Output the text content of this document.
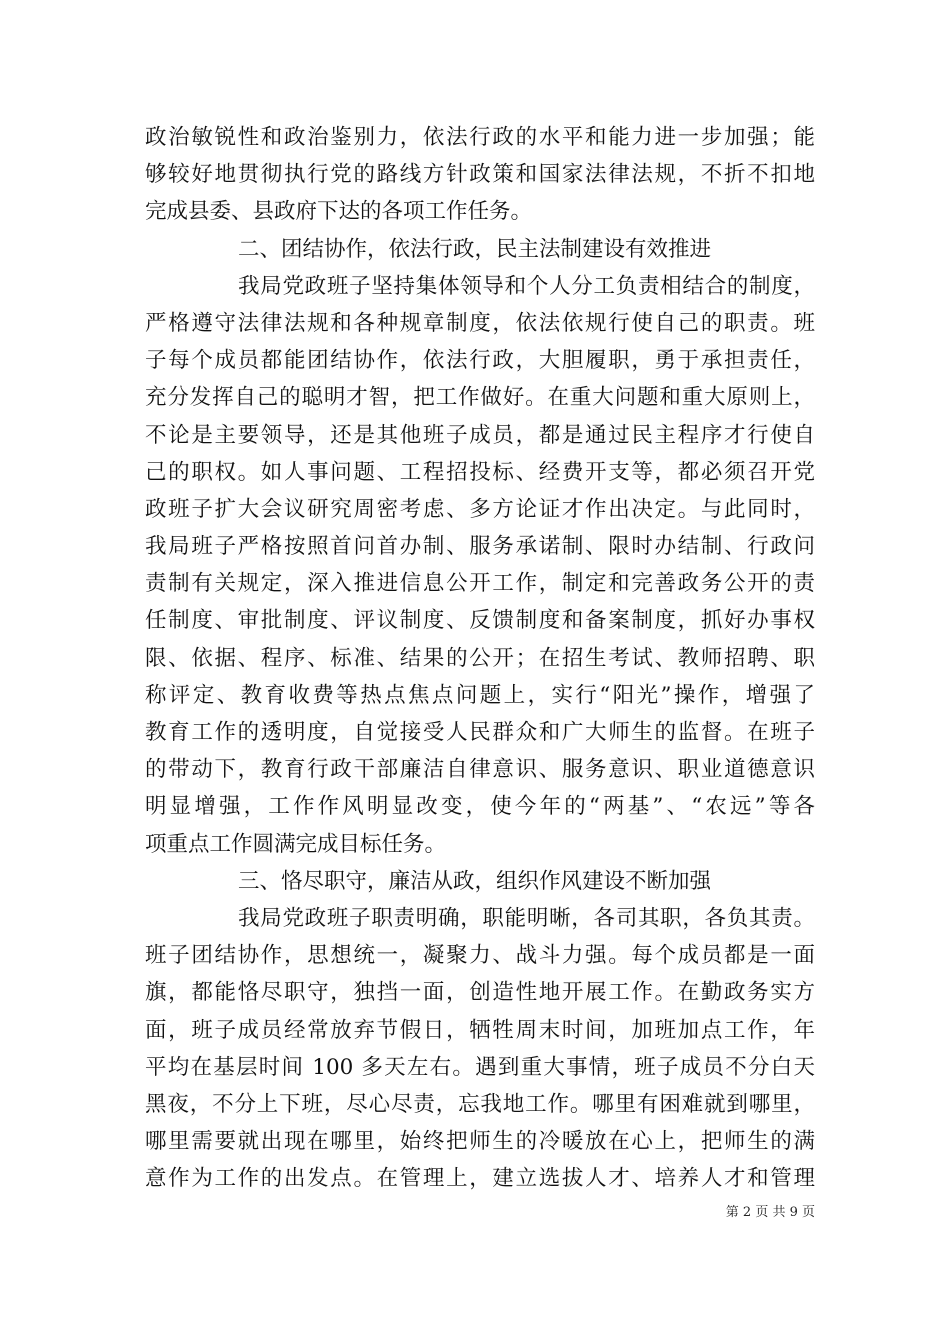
政治敏锐性和政治鉴别力，依法行政的水平和能力进一步加强；能
够较好地贯彻执行党的路线方针政策和国家法律法规，不折不扣地
完成县委、县政府下达的各项工作任务。
二、团结协作，依法行政，民主法制建设有效推进
我局党政班子坚持集体领导和个人分工负责相结合的制度，
严格遵守法律法规和各种规章制度，依法依规行使自己的职责。班
子每个成员都能团结协作，依法行政，大胆履职，勇于承担责任，
充分发挥自己的聪明才智，把工作做好。在重大问题和重大原则上，
不论是主要领导，还是其他班子成员，都是通过民主程序才行使自
己的职权。如人事问题、工程招投标、经费开支等，都必须召开党
政班子扩大会议研究周密考虑、多方论证才作出决定。与此同时，
我局班子严格按照首问首办制、服务承诺制、限时办结制、行政问
责制有关规定，深入推进信息公开工作，制定和完善政务公开的责
任制度、审批制度、评议制度、反馈制度和备案制度，抓好办事权
限、依据、程序、标准、结果的公开；在招生考试、教师招聘、职
称评定、教育收费等热点焦点问题上，实行“阳光”操作，增强了
教育工作的透明度，自觉接受人民群众和广大师生的监督。在班子
的带动下，教育行政干部廉洁自律意识、服务意识、职业道德意识
明显增强，工作作风明显改变，使今年的“两基”、“农远”等各
项重点工作圆满完成目标任务。
三、恪尽职守，廉洁从政，组织作风建设不断加强
我局党政班子职责明确，职能明晰，各司其职，各负其责。
班子团结协作，思想统一，凝聚力、战斗力强。每个成员都是一面
旗，都能恪尽职守，独挡一面，创造性地开展工作。在勤政务实方
面，班子成员经常放弃节假日，牺牲周末时间，加班加点工作，年
平均在基层时间 100 多天左右。遇到重大事情，班子成员不分白天
黑夜，不分上下班，尽心尽责，忘我地工作。哪里有困难就到哪里，
哪里需要就出现在哪里，始终把师生的冷暖放在心上，把师生的满
意作为工作的出发点。在管理上，建立选拔人才、培养人才和管理
第 2 页 共 9 页
